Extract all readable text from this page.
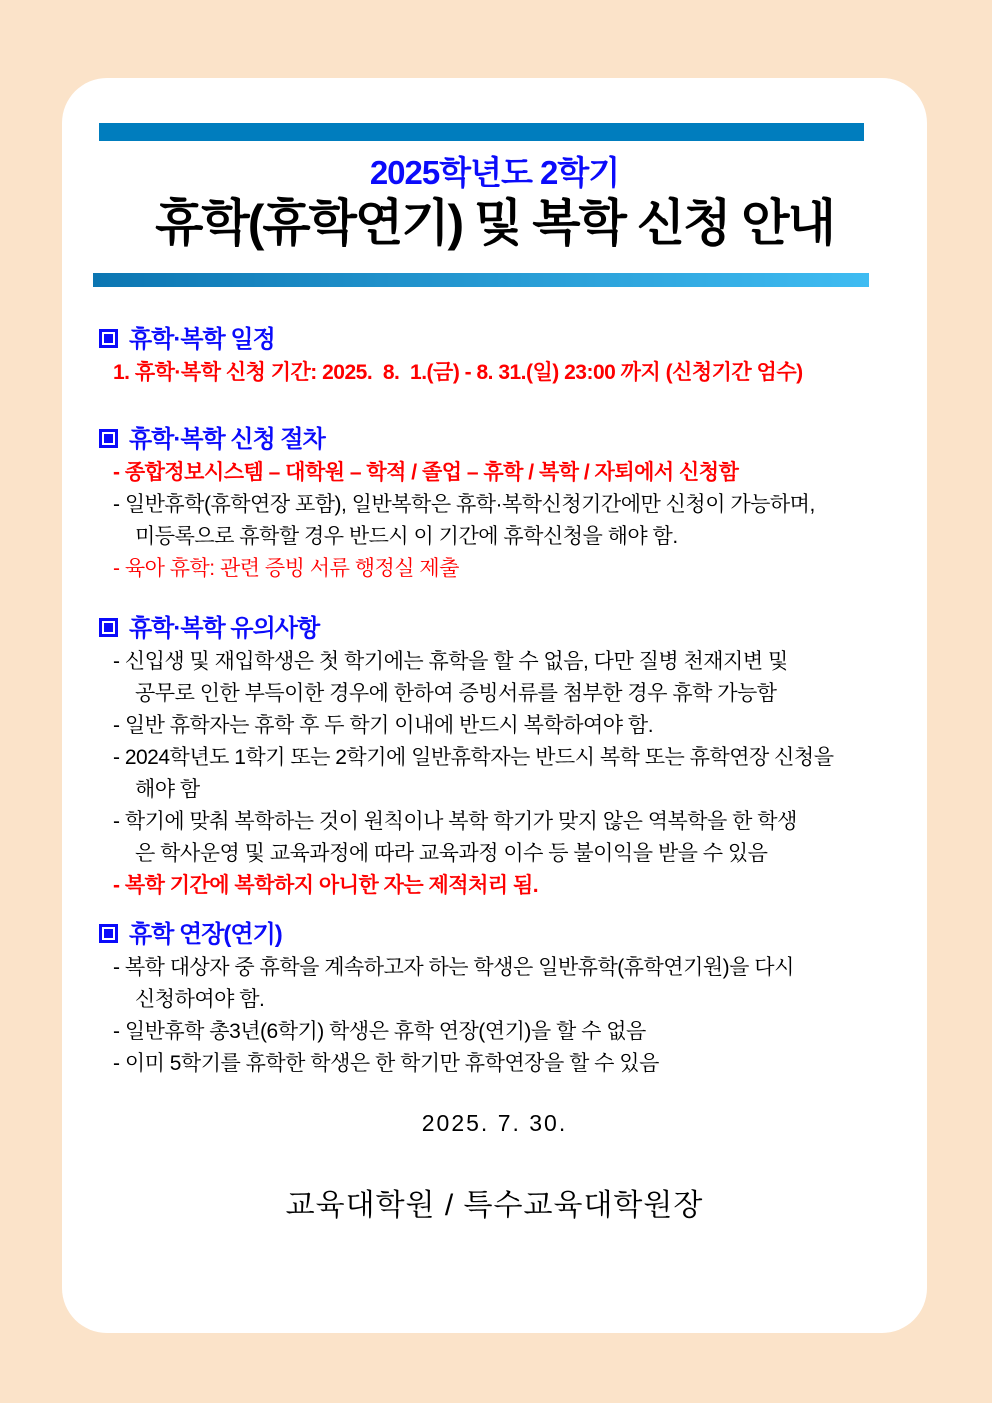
2025학년도 2학기
휴학(휴학연기) 및 복학 신청 안내
휴학·복학 일정
1. 휴학·복학 신청 기간: 2025.  8.  1.(금) - 8. 31.(일) 23:00 까지 (신청기간 엄수)
휴학·복학 신청 절차
- 종합정보시스템 – 대학원 – 학적 / 졸업 – 휴학 / 복학 / 자퇴에서 신청함
- 일반휴학(휴학연장 포함), 일반복학은 휴학·복학신청기간에만 신청이 가능하며,
미등록으로 휴학할 경우 반드시 이 기간에 휴학신청을 해야 함.
- 육아 휴학: 관련 증빙 서류 행정실 제출
휴학·복학 유의사항
- 신입생 및 재입학생은 첫 학기에는 휴학을 할 수 없음, 다만 질병 천재지변 및
공무로 인한 부득이한 경우에 한하여 증빙서류를 첨부한 경우 휴학 가능함
- 일반 휴학자는 휴학 후 두 학기 이내에 반드시 복학하여야 함.
- 2024학년도 1학기 또는 2학기에 일반휴학자는 반드시 복학 또는 휴학연장 신청을
해야 함
- 학기에 맞춰 복학하는 것이 원칙이나 복학 학기가 맞지 않은 역복학을 한 학생
은 학사운영 및 교육과정에 따라 교육과정 이수 등 불이익을 받을 수 있음
- 복학 기간에 복학하지 아니한 자는 제적처리 됨.
휴학 연장(연기)
- 복학 대상자 중 휴학을 계속하고자 하는 학생은 일반휴학(휴학연기원)을 다시
신청하여야 함.
- 일반휴학 총3년(6학기) 학생은 휴학 연장(연기)을 할 수 없음
- 이미 5학기를 휴학한 학생은 한 학기만 휴학연장을 할 수 있음
2025. 7. 30.
교육대학원 / 특수교육대학원장
